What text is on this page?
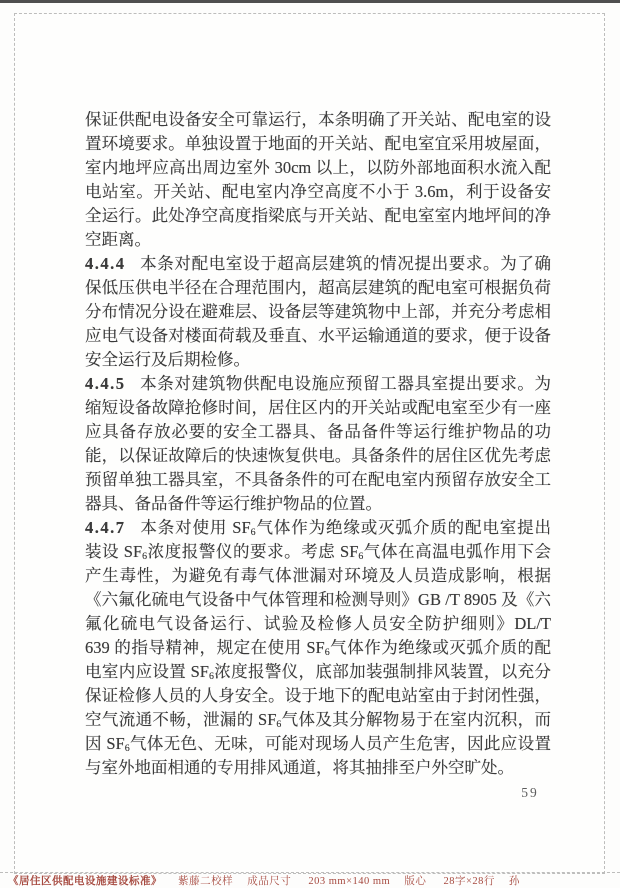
保证供配电设备安全可靠运行，本条明确了开关站、配电室的设
置环境要求。单独设置于地面的开关站、配电室宜采用坡屋面，
室内地坪应高出周边室外 30cm 以上，以防外部地面积水流入配
电站室。开关站、配电室内净空高度不小于 3.6m，利于设备安
全运行。此处净空高度指梁底与开关站、配电室室内地坪间的净
空距离。
4.4.4 本条对配电室设于超高层建筑的情况提出要求。为了确
保低压供电半径在合理范围内，超高层建筑的配电室可根据负荷
分布情况分设在避难层、设备层等建筑物中上部，并充分考虑相
应电气设备对楼面荷载及垂直、水平运输通道的要求，便于设备
安全运行及后期检修。
4.4.5 本条对建筑物供配电设施应预留工器具室提出要求。为
缩短设备故障抢修时间，居住区内的开关站或配电室至少有一座
应具备存放必要的安全工器具、备品备件等运行维护物品的功
能，以保证故障后的快速恢复供电。具备条件的居住区优先考虑
预留单独工器具室，不具备条件的可在配电室内预留存放安全工
器具、备品备件等运行维护物品的位置。
4.4.7 本条对使用 $SF_6$气体作为绝缘或灭弧介质的配电室提出
装设 $SF_6$浓度报警仪的要求。考虑 $SF_6$气体在高温电弧作用下会
产生毒性，为避免有毒气体泄漏对环境及人员造成影响，根据
《六氟化硫电气设备中气体管理和检测导则》GB /T 8905 及《六
氟化硫电气设备运行、试验及检修人员安全防护细则》DL/T
639 的指导精神，规定在使用 $SF_6$气体作为绝缘或灭弧介质的配
电室内应设置 $SF_6$浓度报警仪，底部加装强制排风装置，以充分
保证检修人员的人身安全。设于地下的配电站室由于封闭性强，
空气流通不畅，泄漏的 $SF_6$气体及其分解物易于在室内沉积，而
因 $SF_6$气体无色、无味，可能对现场人员产生危害，因此应设置
与室外地面相通的专用排风通道，将其抽排至户外空旷处。
59
《居住区供配电设施建设标准》 紫藤二校样 成品尺寸 203 mm×140 mm 版心 28字×28行 孙
